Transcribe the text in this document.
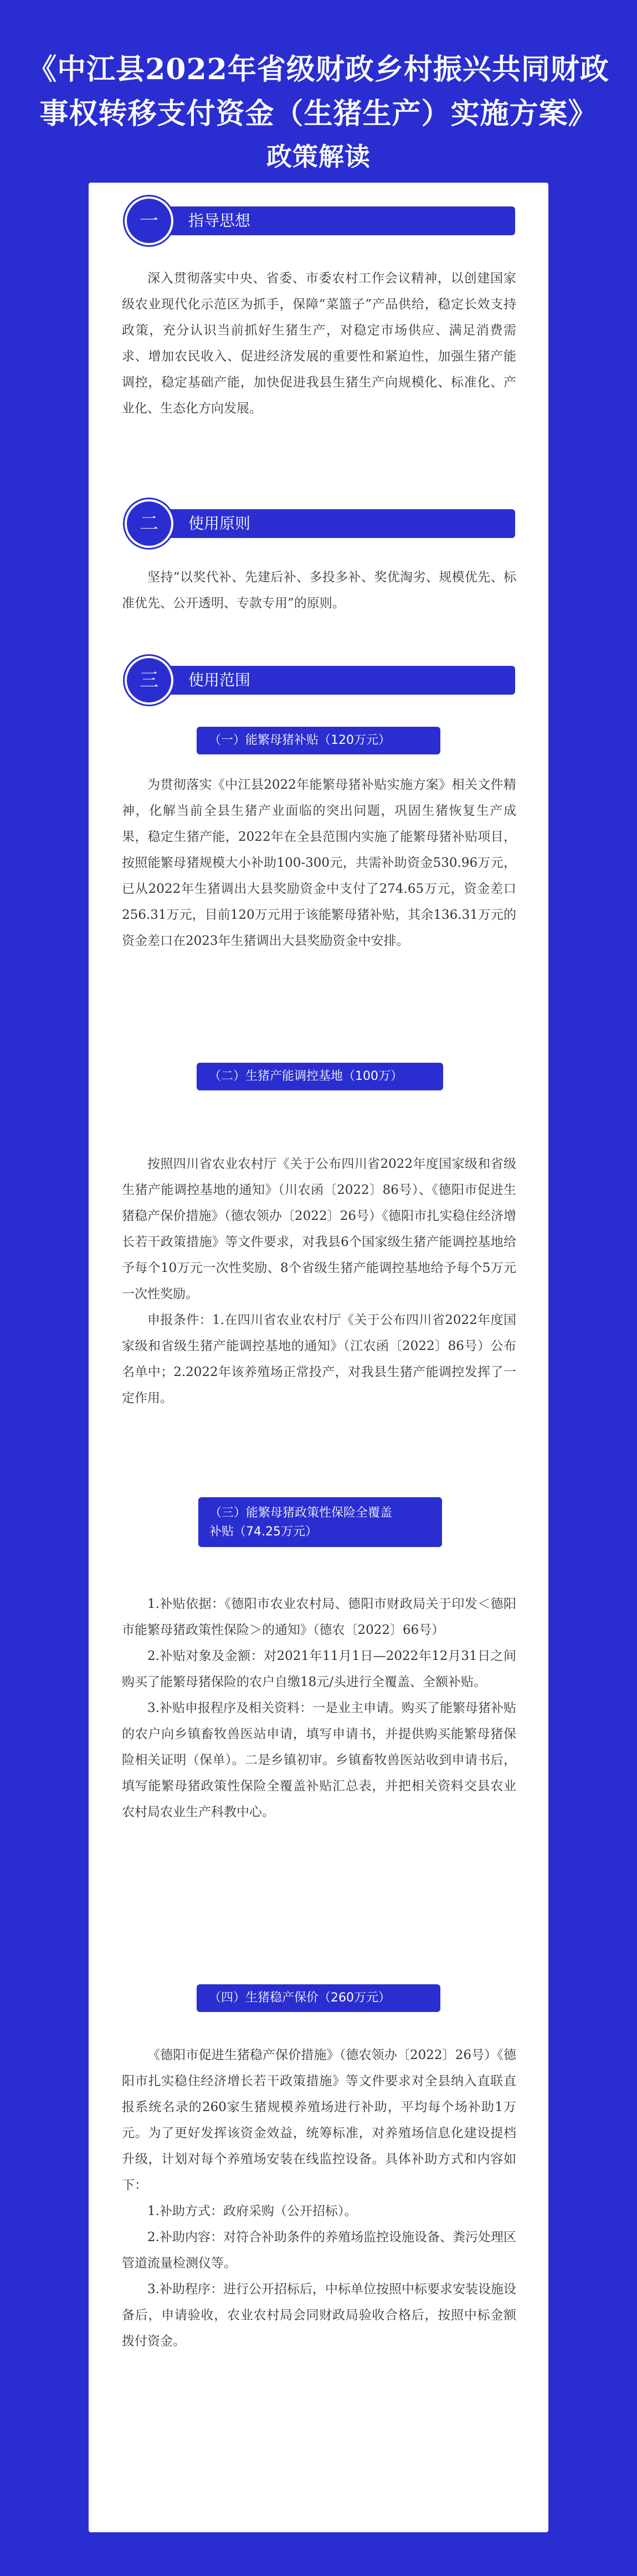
《中江县2022年省级财政乡村振兴共同财政
事权转移支付资金（生猪生产）实施方案》
政策解读
指导思想
一

深入贯彻落实中央、省委、市委农村工作会议精神，以创建国家级农业现代化示范区为抓手，保障“菜篮子”产品供给，稳定长效支持政策，充分认识当前抓好生猪生产，对稳定市场供应、满足消费需求、增加农民收入、促进经济发展的重要性和紧迫性，加强生猪产能调控，稳定基础产能，加快促进我县生猪生产向规模化、标准化、产业化、生态化方向发展。

使用原则
二

坚持“以奖代补、先建后补、多投多补、奖优淘劣、规模优先、标准优先、公开透明、专款专用”的原则。

使用范围
三
（一）能繁母猪补贴（120万元）

为贯彻落实《中江县2022年能繁母猪补贴实施方案》相关文件精神，化解当前全县生猪产业面临的突出问题，巩固生猪恢复生产成果，稳定生猪产能，2022年在全县范围内实施了能繁母猪补贴项目，按照能繁母猪规模大小补助100-300元，共需补助资金530.96万元，已从2022年生猪调出大县奖励资金中支付了274.65万元，资金差口256.31万元，目前120万元用于该能繁母猪补贴，其余136.31万元的资金差口在2023年生猪调出大县奖励资金中安排。

（二）生猪产能调控基地（100万）

按照四川省农业农村厅《关于公布四川省2022年度国家级和省级生猪产能调控基地的通知》（川农函〔2022〕86号）、《德阳市促进生猪稳产保价措施》（德农领办〔2022〕26号）《德阳市扎实稳住经济增长若干政策措施》等文件要求，对我县6个国家级生猪产能调控基地给予每个10万元一次性奖励、8个省级生猪产能调控基地给予每个5万元一次性奖励。

申报条件：1.在四川省农业农村厅《关于公布四川省2022年度国家级和省级生猪产能调控基地的通知》（江农函〔2022〕86号）公布名单中；2.2022年该养殖场正常投产，对我县生猪产能调控发挥了一定作用。

（三）能繁母猪政策性保险全覆盖
补贴（74.25万元）

1.补贴依据：《德阳市农业农村局、德阳市财政局关于印发＜德阳市能繁母猪政策性保险＞的通知》（德农〔2022〕66号）

2.补贴对象及金额：对2021年11月1日—2022年12月31日之间购买了能繁母猪保险的农户自缴18元/头进行全覆盖、全额补贴。

3.补贴申报程序及相关资料：一是业主申请。购买了能繁母猪补贴的农户向乡镇畜牧兽医站申请，填写申请书，并提供购买能繁母猪保险相关证明（保单）。二是乡镇初审。乡镇畜牧兽医站收到申请书后，填写能繁母猪政策性保险全覆盖补贴汇总表，并把相关资料交县农业农村局农业生产科教中心。

（四）生猪稳产保价（260万元）

《德阳市促进生猪稳产保价措施》（德农领办〔2022〕26号）《德阳市扎实稳住经济增长若干政策措施》等文件要求对全县纳入直联直报系统名录的260家生猪规模养殖场进行补助，平均每个场补助1万元。为了更好发挥该资金效益，统筹标准，对养殖场信息化建设提档升级，计划对每个养殖场安装在线监控设备。具体补助方式和内容如下：

1.补助方式：政府采购（公开招标）。

2.补助内容：对符合补助条件的养殖场监控设施设备、粪污处理区管道流量检测仪等。

3.补助程序：进行公开招标后，中标单位按照中标要求安装设施设备后，申请验收，农业农村局会同财政局验收合格后，按照中标金额拨付资金。
